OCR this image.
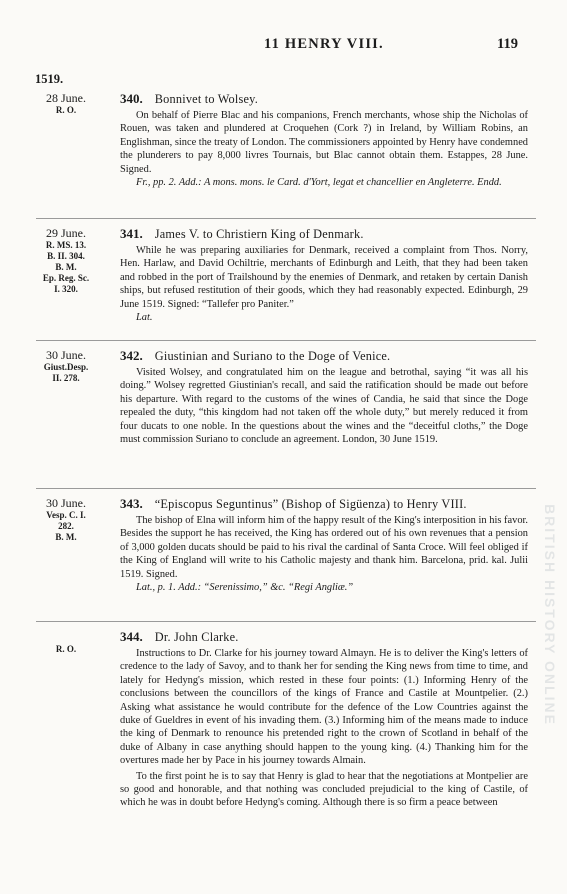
11 HENRY VIII.	119
1519.
28 June.
R. O.
340. Bonnivet to Wolsey.

On behalf of Pierre Blac and his companions, French merchants, whose ship the Nicholas of Rouen, was taken and plundered at Croquehen (Cork ?) in Ireland, by William Robins, an Englishman, since the treaty of London. The commissioners appointed by Henry have condemned the plunderers to pay 8,000 livres Tournais, but Blac cannot obtain them. Estappes, 28 June. Signed.

Fr., pp. 2. Add.: A mons. mons. le Card. d'Yort, legat et chancellier en Angleterre. Endd.

29 June.
R. MS. 13.
B. II. 304.
B. M.
Ep. Reg. Sc.
I. 320.
341. James V. to Christiern King of Denmark.

While he was preparing auxiliaries for Denmark, received a complaint from Thos. Norry, Hen. Harlaw, and David Ochiltrie, merchants of Edinburgh and Leith, that they had been taken and robbed in the port of Trailshound by the enemies of Denmark, and retaken by certain Danish ships, but refused restitution of their goods, which they had reasonably expected. Edinburgh, 29 June 1519. Signed: “Tallefer pro Paniter.”

Lat.

30 June.
Giust.Desp.
II. 278.
342. Giustinian and Suriano to the Doge of Venice.

Visited Wolsey, and congratulated him on the league and betrothal, saying “it was all his doing.” Wolsey regretted Giustinian's recall, and said the ratification should be made out before his departure. With regard to the customs of the wines of Candia, he said that since the Doge repealed the duty, “this kingdom had not taken off the whole duty,” but merely reduced it from four ducats to one noble. In the questions about the wines and the “deceitful cloths,” the Doge must commission Suriano to conclude an agreement. London, 30 June 1519.

30 June.
Vesp. C. I.
282.
B. M.
343. “Episcopus Seguntinus” (Bishop of Sigüenza) to Henry VIII.

The bishop of Elna will inform him of the happy result of the King's interposition in his favor. Besides the support he has received, the King has ordered out of his own revenues that a pension of 3,000 golden ducats should be paid to his rival the cardinal of Santa Croce. Will feel obliged if the King of England will write to his Catholic majesty and thank him. Barcelona, prid. kal. Julii 1519. Signed.

Lat., p. 1. Add.: “Serenissimo,” &c. “Regi Angliæ.”

R. O.
344. Dr. John Clarke.

Instructions to Dr. Clarke for his journey toward Almayn. He is to deliver the King's letters of credence to the lady of Savoy, and to thank her for sending the King news from time to time, and lately for Hedyng's mission, which rested in these four points: (1.) Informing Henry of the conclusions between the councillors of the kings of France and Castile at Mountpelier. (2.) Asking what assistance he would contribute for the defence of the Low Countries against the duke of Gueldres in event of his invading them. (3.) Informing him of the means made to induce the king of Denmark to renounce his pretended right to the crown of Scotland in behalf of the duke of Albany in case anything should happen to the young king. (4.) Thanking him for the overtures made her by Pace in his journey towards Almain.

To the first point he is to say that Henry is glad to hear that the negotiations at Montpelier are so good and honorable, and that nothing was concluded prejudicial to the king of Castile, of which he was in doubt before Hedyng's coming. Although there is so firm a peace between

BRITISH HISTORY ONLINE
